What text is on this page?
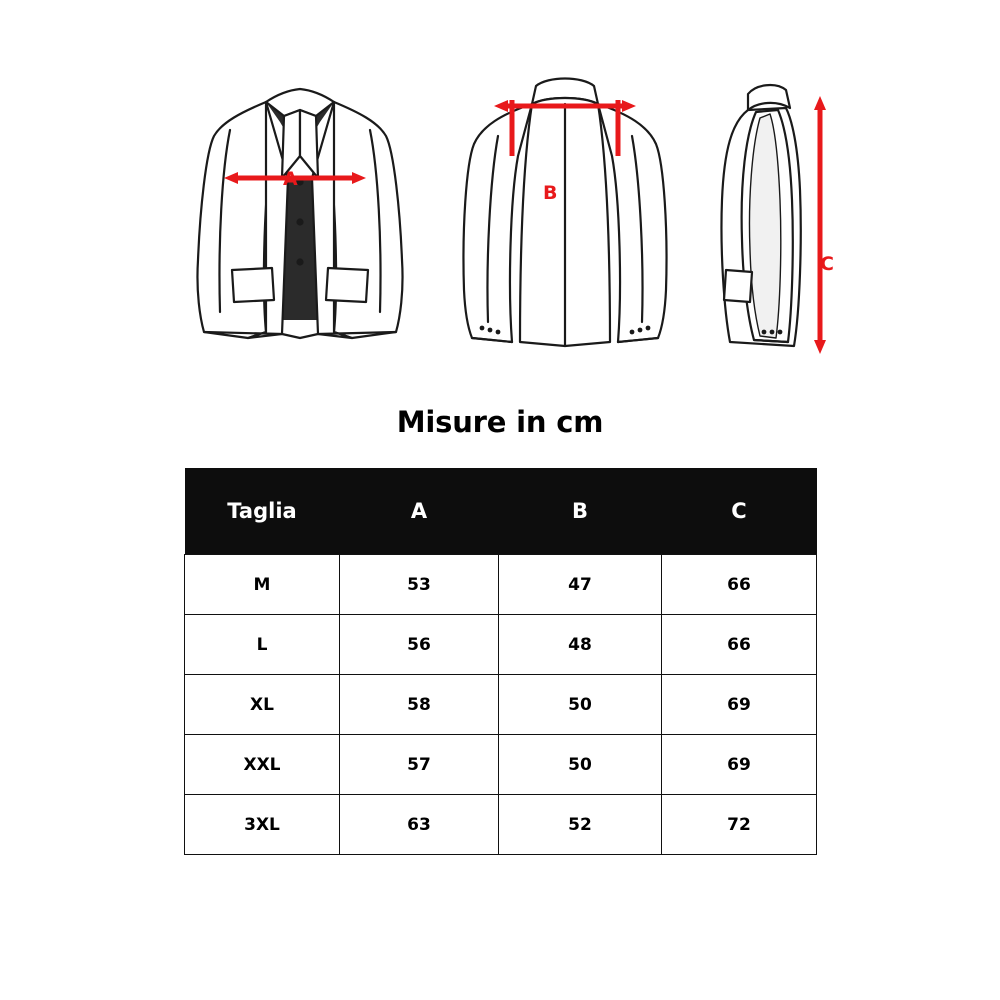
A
B
C
Misure in cm
Taglia	A	B	C
M	53	47	66
L	56	48	66
XL	58	50	69
XXL	57	50	69
3XL	63	52	72
